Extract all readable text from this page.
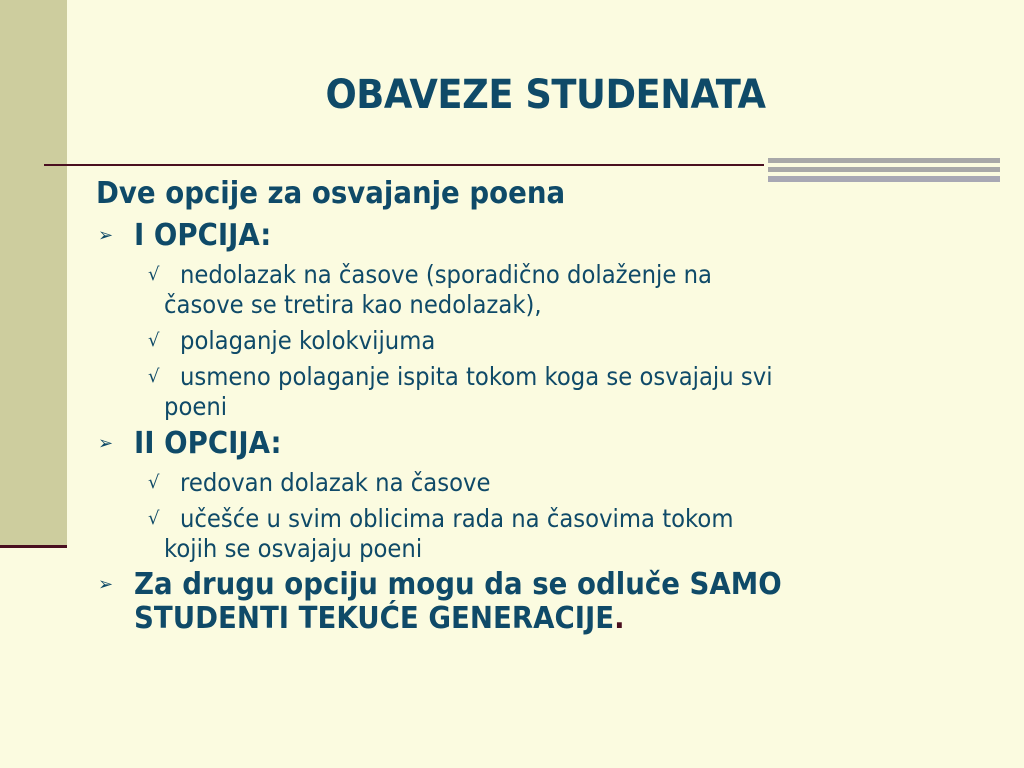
OBAVEZE STUDENATA
Dve opcije za osvajanje poena
➢ I OPCIJA:
√ nedolazak na časove (sporadično dolaženje na
časove se tretira kao nedolazak),
√ polaganje kolokvijuma
√ usmeno polaganje ispita tokom koga se osvajaju svi
poeni
➢ II OPCIJA:
√ redovan dolazak na časove
√ učešće u svim oblicima rada na časovima tokom
kojih se osvajaju poeni
➢ Za drugu opciju mogu da se odluče SAMO
STUDENTI TEKUĆE GENERACIJE.
